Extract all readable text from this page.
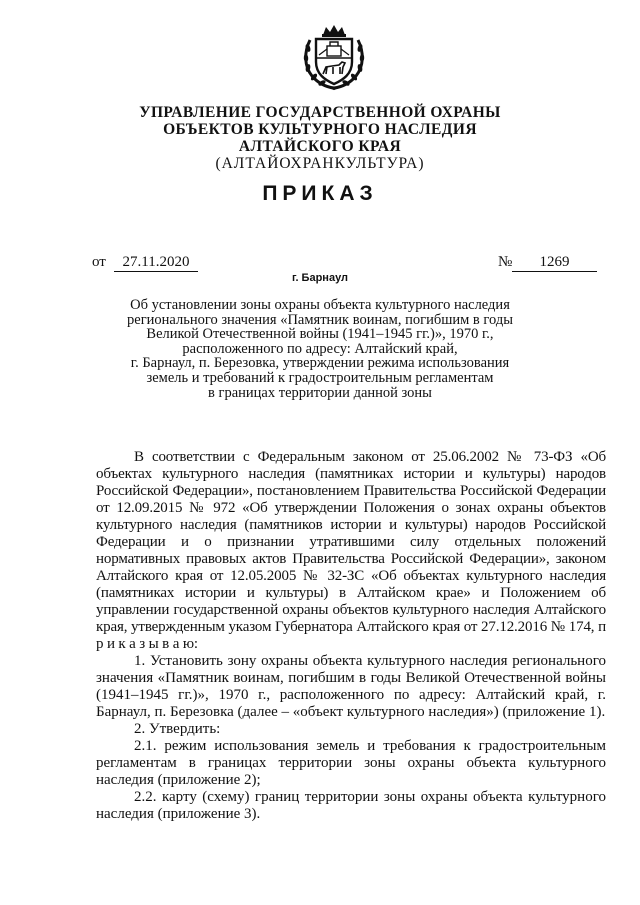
УПРАВЛЕНИЕ ГОСУДАРСТВЕННОЙ ОХРАНЫ
ОБЪЕКТОВ КУЛЬТУРНОГО НАСЛЕДИЯ
АЛТАЙСКОГО КРАЯ
(АЛТАЙОХРАНКУЛЬТУРА)
ПРИКАЗ
от	27.11.2020	№	1269
г. Барнаул
Об установлении зоны охраны объекта культурного наследия
регионального значения «Памятник воинам, погибшим в годы
Великой Отечественной войны (1941–1945 гг.)», 1970 г.,
расположенного по адресу: Алтайский край,
г. Барнаул, п. Березовка, утверждении режима использования
земель и требований к градостроительным регламентам
в границах территории данной зоны

В соответствии с Федеральным законом от 25.06.2002 № 73-ФЗ «Об объектах культурного наследия (памятниках истории и культуры) народов Российской Федерации», постановлением Правительства Российской Федерации от 12.09.2015 № 972 «Об утверждении Положения о зонах охраны объектов культурного наследия (памятников истории и культуры) народов Российской Федерации и о признании утратившими силу отдельных положений нормативных правовых актов Правительства Российской Федерации», законом Алтайского края от 12.05.2005 № 32-ЗС «Об объектах культурного наследия (памятниках истории и культуры) в Алтайском крае» и Положением об управлении государственной охраны объектов культурного наследия Алтайского края, утвержденным указом Губернатора Алтайского края от 27.12.2016 № 174, п р и к а з ы в а ю:

1. Установить зону охраны объекта культурного наследия регионального значения «Памятник воинам, погибшим в годы Великой Отечественной войны (1941–1945 гг.)», 1970 г., расположенного по адресу: Алтайский край, г. Барнаул, п. Березовка (далее – «объект культурного наследия») (приложение 1).

2. Утвердить:

2.1. режим использования земель и требования к градостроительным регламентам в границах территории зоны охраны объекта культурного наследия (приложение 2);

2.2. карту (схему) границ территории зоны охраны объекта культурного наследия (приложение 3).
